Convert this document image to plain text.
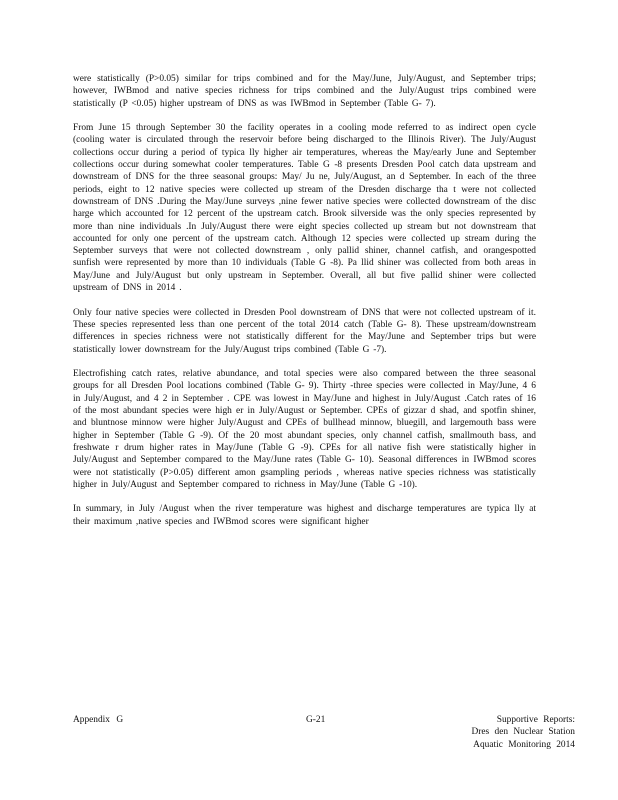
were statistically (P>0.05) similar for trips combined and for the May/June, July/August, and September trips; however, IWBmod and native species richness for trips combined and the July/August trips combined were statistically (P <0.05) higher upstream of DNS as was IWBmod in September (Table G- 7).

From June 15 through September 30 the facility operates in a cooling mode referred to as indirect open cycle (cooling water is circulated through the reservoir before being discharged to the Illinois River). The July/August collections occur during a period of typica lly higher air temperatures, whereas the May/early June and September collections occur during somewhat cooler temperatures. Table G -8 presents Dresden Pool catch data upstream and downstream of DNS for the three seasonal groups: May/ Ju ne, July/August, an d September. In each of the three periods, eight to 12 native species were collected up stream of the Dresden discharge tha t were not collected downstream of DNS .During the May/June surveys ,nine fewer native species were collected downstream of the disc harge which accounted for 12 percent of the upstream catch. Brook silverside was the only species represented by more than nine individuals .In July/August there were eight species collected up stream but not downstream that accounted for only one percent of the upstream catch. Although 12 species were collected up stream during the September surveys that were not collected downstream , only pallid shiner, channel catfish, and orangespotted sunfish were represented by more than 10 individuals (Table G -8). Pa llid shiner was collected from both areas in May/June and July/August but only upstream in September. Overall, all but five pallid shiner were collected upstream of DNS in 2014 .

Only four native species were collected in Dresden Pool downstream of DNS that were not collected upstream of it. These species represented less than one percent of the total 2014 catch (Table G- 8). These upstream/downstream differences in species richness were not statistically different for the May/June and September trips but were statistically lower downstream for the July/August trips combined (Table G -7).

Electrofishing catch rates, relative abundance, and total species were also compared between the three seasonal groups for all Dresden Pool locations combined (Table G- 9). Thirty -three species were collected in May/June, 4 6 in July/August, and 4 2 in September . CPE was lowest in May/June and highest in July/August .Catch rates of 16 of the most abundant species were high er in July/August or September. CPEs of gizzar d shad, and spotfin shiner, and bluntnose minnow were higher July/August and CPEs of bullhead minnow, bluegill, and largemouth bass were higher in September (Table G -9). Of the 20 most abundant species, only channel catfish, smallmouth bass, and freshwate r drum higher rates in May/June (Table G -9). CPEs for all native fish were statistically higher in July/August and September compared to the May/June rates (Table G- 10). Seasonal differences in IWBmod scores were not statistically (P>0.05) different amon gsampling periods , whereas native species richness was statistically higher in July/August and September compared to richness in May/June (Table G -10).

In summary, in July /August when the river temperature was highest and discharge temperatures are typica lly at their maximum ,native species and IWBmod scores were significant higher

Appendix G	G-21	Supportive Reports:
Dres den Nuclear Station
Aquatic Monitoring 2014
